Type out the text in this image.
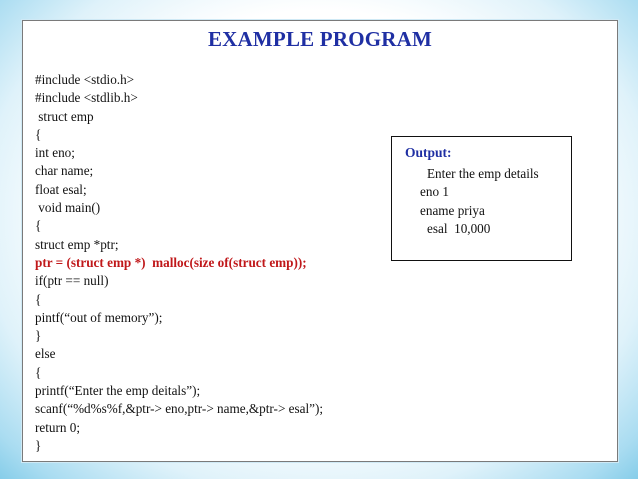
EXAMPLE PROGRAM
#include <stdio.h>
#include <stdlib.h>
struct emp
{
int eno;
char name;
float esal;
void main()
{
struct emp *ptr;
ptr = (struct emp *)  malloc(size of(struct emp));
if(ptr == null)
{
pintf(“out of memory”);
}
else
{
printf(“Enter the emp deitals”);
scanf(“%d%s%f,&ptr-> eno,ptr-> name,&ptr-> esal”);
return 0;
}
Output:
Enter the emp details
eno 1
ename priya
esal  10,000
